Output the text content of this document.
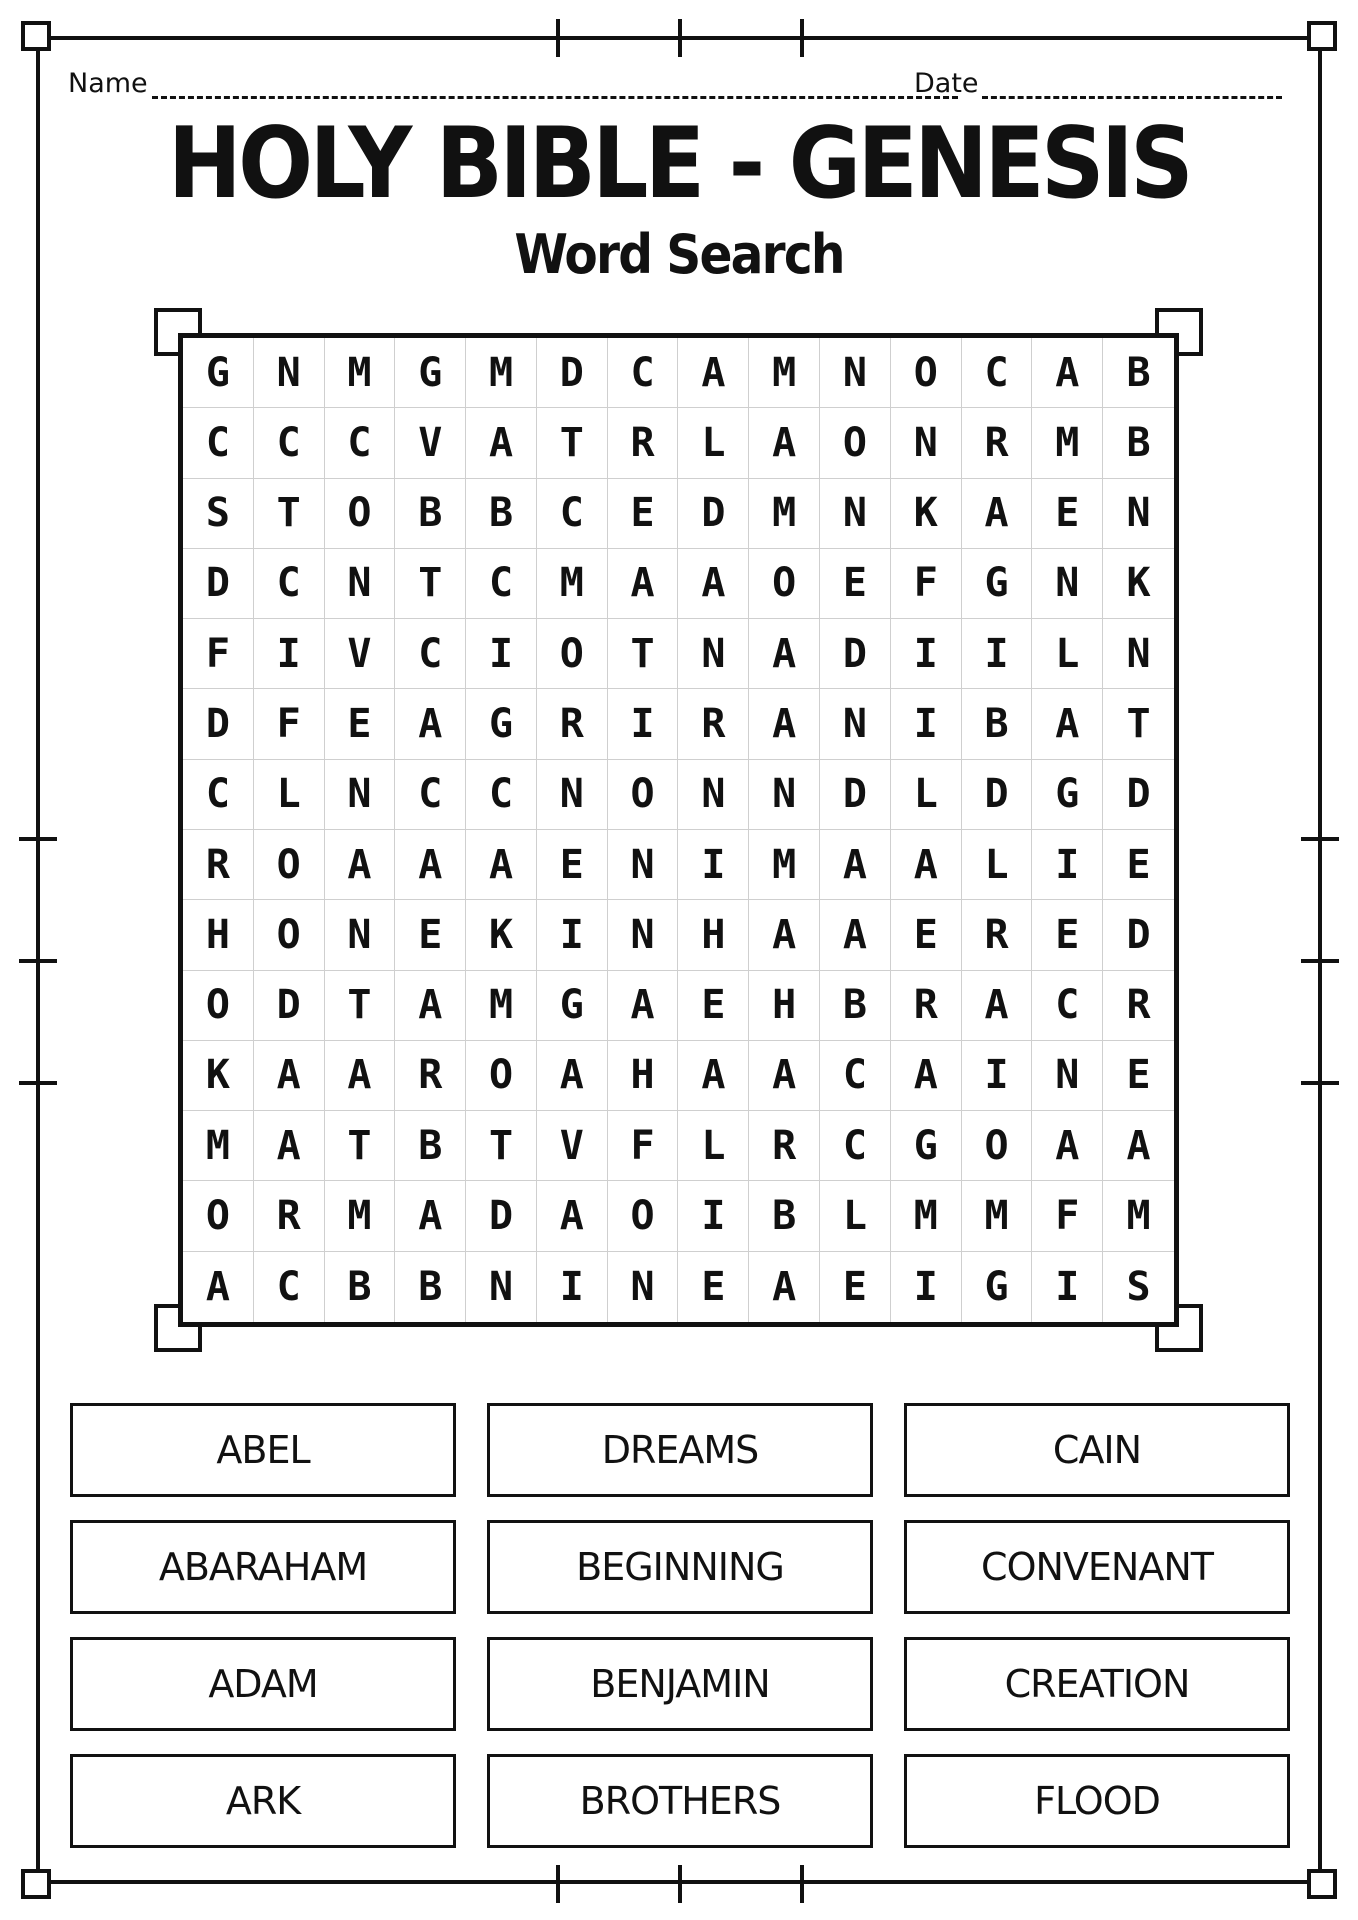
Name	Date
HOLY BIBLE - GENESIS
Word Search
G	N	M	G	M	D	C	A	M	N	O	C	A	B
C	C	C	V	A	T	R	L	A	O	N	R	M	B
S	T	O	B	B	C	E	D	M	N	K	A	E	N
D	C	N	T	C	M	A	A	O	E	F	G	N	K
F	I	V	C	I	O	T	N	A	D	I	I	L	N
D	F	E	A	G	R	I	R	A	N	I	B	A	T
C	L	N	C	C	N	O	N	N	D	L	D	G	D
R	O	A	A	A	E	N	I	M	A	A	L	I	E
H	O	N	E	K	I	N	H	A	A	E	R	E	D
O	D	T	A	M	G	A	E	H	B	R	A	C	R
K	A	A	R	O	A	H	A	A	C	A	I	N	E
M	A	T	B	T	V	F	L	R	C	G	O	A	A
O	R	M	A	D	A	O	I	B	L	M	M	F	M
A	C	B	B	N	I	N	E	A	E	I	G	I	S
ABEL	DREAMS	CAIN
ABARAHAM	BEGINNING	CONVENANT
ADAM	BENJAMIN	CREATION
ARK	BROTHERS	FLOOD
